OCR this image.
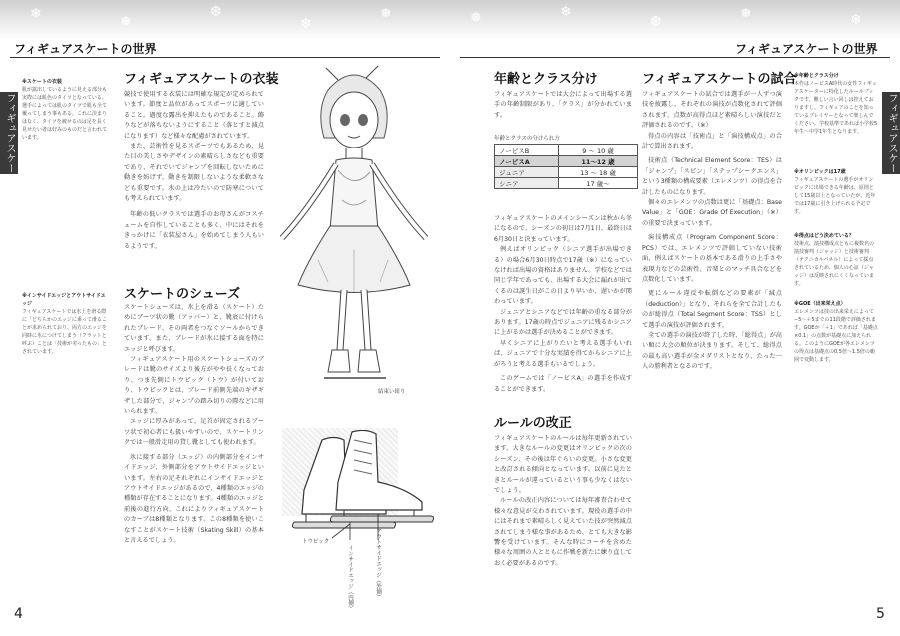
❄	❅
❆
❄
❅
フィギュアスケートの世界
フィギュアスケー
※スケートの衣装
肌が露出しているように見える部分も実際には肌色のタイツとなっている。選手によっては肌のタイツで肌も全て覆ってしまう事もある。これに決まりはなく、タイツを被せるのは足を長く見せたい者は好みのものだと言われています。
※インサイドエッジとアウトサイドエッジ
フィギュアスケートでは氷上を滑る際に「どちらかのエッジに乗って滑ることが求められており、両方のエッジを同時に氷につけてしまう（フラットと呼ぶ）ことは「技術が劣ったもの」とされています。
フィギュアスケートの衣装

競技で使用する衣装には明確な規定が定められています。節度と品位があってスポーツに適していること。過度な露出を抑えたものであること。飾りなどが落ちないようにすること（落とすと減点になります）など様々な配慮がされています。

また、芸術性を見るスポーツでもあるため、見た目の美しさやデザインの素晴らしさなども重要であり、それでいてジャンプを回転しないために動きを妨げず、動きを制限しないような柔軟さなども重要です。氷の上は冷たいので防寒についても考えられています。

年齢の低いクラスでは選手のお母さんがコスチュームを自作していることも多く、中にはそれをきっかけに「衣装屋さん」を始めてしまう人もいるようです。

スケートのシューズ

スケートシューズは、氷上を滑る（スケート）ためにブーツ状の靴（アッパー）と、靴底に付けられたブレード、その両者をつなぐソールからできています。また、ブレードが氷に接する面を特にエッジと呼びます。

フィギュアスケート用のスケートシューズのブレードは靴のサイズより後方がやや長くなっており、つま先側にトウピック（トウ）が付いており、トウピックとは、ブレード前側先端のギザギザした部分で、ジャンプの踏み切りの際などに用いられます。

エッジに厚みがあって、足首が固定されるブーツ状で初心者にも扱いやすいので、スケートリンクでは一般滑走用の貸し靴としても使われます。

氷に接する部分（エッジ）の内側部分をインサイドエッジ、外側部分をアウトサイドエッジといいます。左右の足それぞれにインサイドエッジとアウトサイドエッジがあるので、4種類のエッジの種類が存在することになります。4種類のエッジと前後の進行方向、これによりフィギュアスケートのカーブは8種類となります。この8種類を使いこなすことがスケート技術（Skating Skill）の基本と言えるでしょう。

結束い紐り
トウピック
インサイドエッジ（内側）	アウトサイドエッジ（外側）
4
❅	❄
❆	❅	❄
フィギュアスケートの世界
フィギュアスケート
年齢とクラス分け
フィギュアスケートでは大会によって出場する選手の年齢制限があり、「クラス」が分かれています。
年齢とクラスの分けられ方
ノービスB	9 〜 10 歳
ノービスA	11〜12 歳
ジュニア	13 〜 18 歳
シニア	17 歳〜

フィギュアスケートのメインシーズンは秋から冬になるので、シーズンの初日は7月1日、最終日は6月30日と決まっています。

例えばオリンピック（シニア選手が出場できる）の場合6月30日時点で17歳（※）になっていなければ出場の資格はありません。学校などでは同じ学年であっても、出場する大会に漏れが出てくるのは誕生日がこの日より早いか、遅いかが関わっています。

ジュニアとシニアなどでは年齢の重なる部分があります。17歳の時点でジュニアに残るかシニアに上がるかは選手が決めることができます。

早くシニアに上がりたいと考える選手もいれば、ジュニアで十分な実績を得てからシニアに上がろうと考える選手もいるでしょう。

このゲームでは「ノービスA」の選手を作成することができます。

ルールの改正

フィギュアスケートのルールは毎年更新されています。大きなルールの変更はオリンピックの次のシーズン、その後は年ぐらいの変更。小さな変更と改訂される傾向となっています。以前に見たときとルールが違っているという事も少なくはないでしょう。

ルールの改正内容については毎年審査合わせて様々な意見が交わされています。現役の選手の中にはそれまで素晴らしく見えていた技が突然減点されてしまう様な事があるため、とても大きな影響を受けています。そんな時にコーチを含めた様々な周囲の人とともに作戦を新たに練り直しておく必要があるのです。

フィギュアスケートの試合

フィギュアスケートの試合では選手が一人ずつ演技を披露し、それぞれの演技が点数化されて評価されます。点数が高得点ほど素晴らしい演技だと評価されるのです。（※）

得点の内容は「技術点」と「演技構成点」の合計で算出されます。

技術点（Technical Element Score：TES）は「ジャンプ」「スピン」「ステップシークエンス」という3種類の構成要素（エレメンツ）の得点を合計したものになります。

個々のエレメンツの点数は更に「基礎点：Base Value」と「GOE：Grade Of Execution」（※）の重要で決まっています。

演技構成点（Program Component Score：PCS）では、エレメンツで評価していない技術面、例えばスケートの基本である滑りの上手さや表現力などの芸術性、音楽とのマッチ具合などを点数化しています。

更にルール違反や転倒などの要素が「減点（deduction）」となり、それらを全て合計したものが総得点（Total Segment Score：TSS）として選手の演技が評価されます。

全ての選手の演技が終了した時、「総得点」が高い順に大会の順位が決まります。そして、総得点の最も高い選手が金メダリストとなり、たった一人の勝利者となるのです。

※年齢とクラス分け
本作はノービスA時代の女性フィギュアスケーターに特化したルールブックです。難しい言い回しは控えておりますし、フィギュアのことを知っているプレイヤーとなって楽しんでください。学校基準であれば小学校5年生〜中学1年生となります。
※オリンピックは17歳
フィギュアスケートの選手がオリンピックに出場できる年齢は、原則として15歳以上となっていたが、近年では17歳に引き上げられる予定です。
※得点はどう決めている？
技術点、演技構成点ともに複数名の演技審判（ジャッジ）と技術審判（テクニカルパネル）によって採点されているため、個人の心証（ジャッジ）は反映されにくくなっています。
※GOE（出来栄え点）
エレメンツは技の出来栄えによって−5〜＋5までの11段階で評価されます。GOEが「＋1」であれば「基礎点×0.1」の点数が基礎点に加えられる。このようにGOEが各エレメンツの得点は基礎点の0.5倍〜1.5倍の範囲で変動します。
5
